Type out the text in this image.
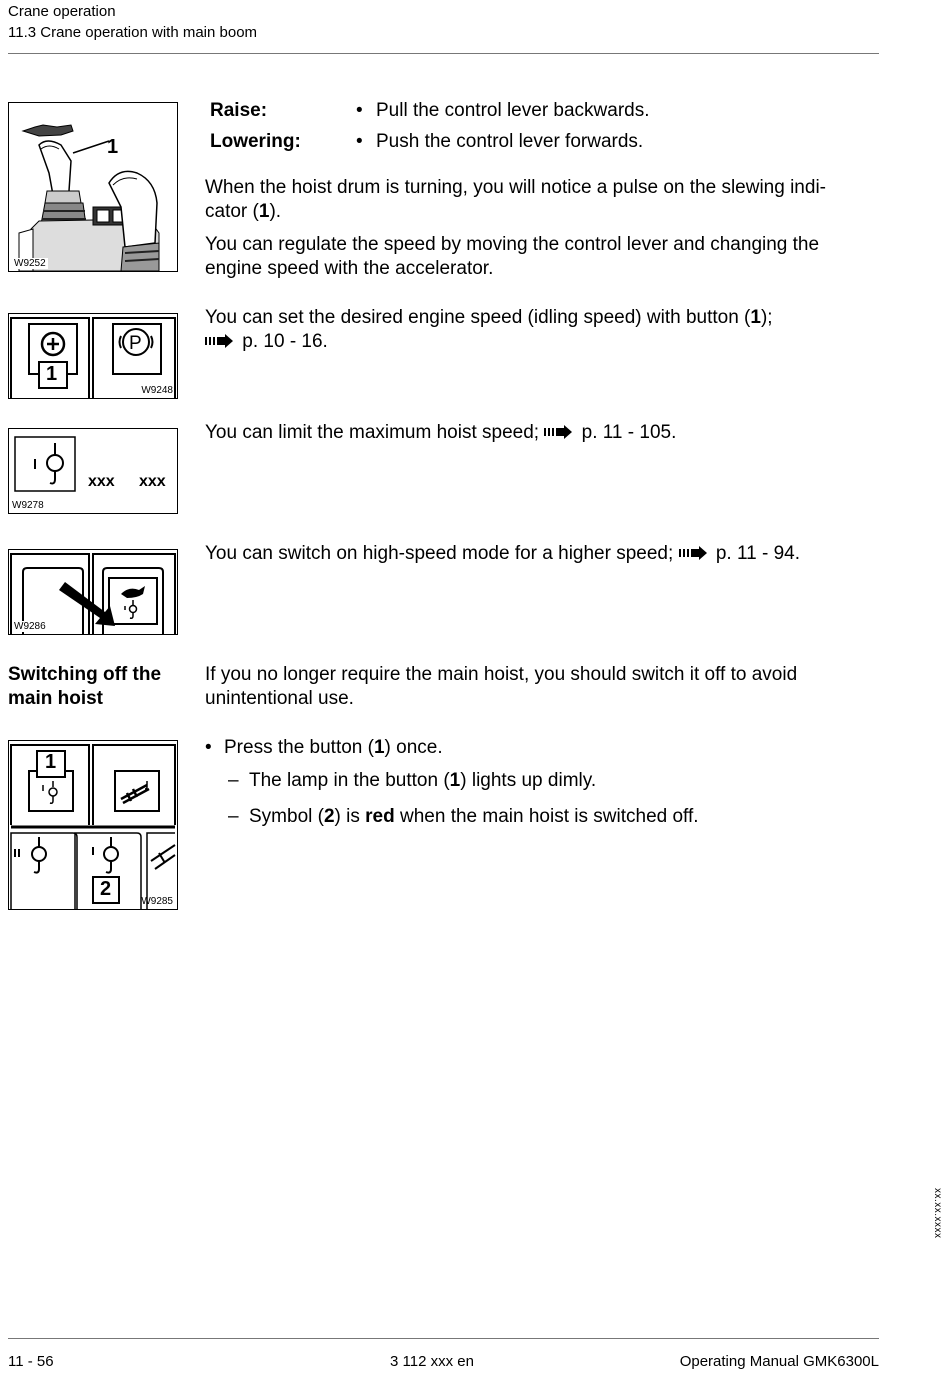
Crane operation
11.3 Crane operation with main boom
1
W9252
Raise:	• Pull the control lever backwards.
Lowering:	• Push the control lever forwards.
When the hoist drum is turning, you will notice a pulse on the slewing indi-
cator (1).
You can regulate the speed by moving the control lever and changing the
engine speed with the accelerator.
P
1
W9248
You can set the desired engine speed (idling speed) with button (1);
p. 10 - 16.
xxx xxx
W9278
You can limit the maximum hoist speed; p. 11 - 105.
W9286
You can switch on high-speed mode for a higher speed; p. 11 - 94.
Switching off the
main hoist
If you no longer require the main hoist, you should switch it off to avoid
unintentional use.
1
2
W9285
• Press the button (1) once.
– The lamp in the button (1) lights up dimly.
– Symbol (2) is red when the main hoist is switched off.
xx.xx.xxxx
11 - 56	3 112 xxx en	Operating Manual GMK6300L
